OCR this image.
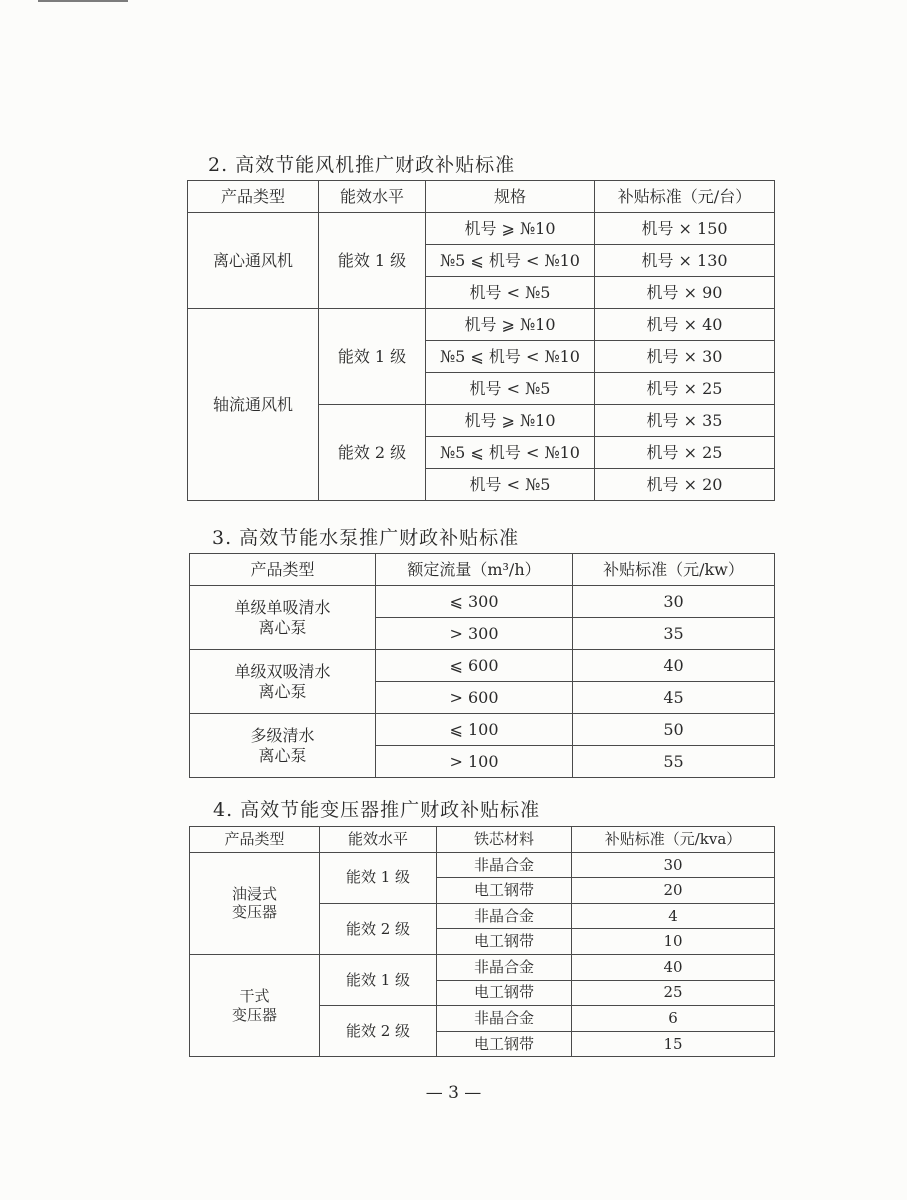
2. 高效节能风机推广财政补贴标准
产品类型	能效水平	规格	补贴标准（元/台）
离心通风机	能效 1 级	机号 ⩾ №10	机号 × 150
		№5 ⩽ 机号 < №10	机号 × 130
		机号 < №5	机号 × 90
轴流通风机	能效 1 级	机号 ⩾ №10	机号 × 40
		№5 ⩽ 机号 < №10	机号 × 30
		机号 < №5	机号 × 25
	能效 2 级	机号 ⩾ №10	机号 × 35
		№5 ⩽ 机号 < №10	机号 × 25
		机号 < №5	机号 × 20
3. 高效节能水泵推广财政补贴标准
产品类型	额定流量（m³/h）	补贴标准（元/kw）

单级单吸清水
离心泵	⩽ 300	30
	> 300	35

单级双吸清水
离心泵	⩽ 600	40
	> 600	45

多级清水
离心泵	⩽ 100	50
	> 100	55
4. 高效节能变压器推广财政补贴标准
产品类型	能效水平	铁芯材料	补贴标准（元/kva）

油浸式
变压器	能效 1 级	非晶合金	30
		电工钢带	20
	能效 2 级	非晶合金	4
		电工钢带	10

干式
变压器	能效 1 级	非晶合金	40
		电工钢带	25
	能效 2 级	非晶合金	6
		电工钢带	15
— 3 —
